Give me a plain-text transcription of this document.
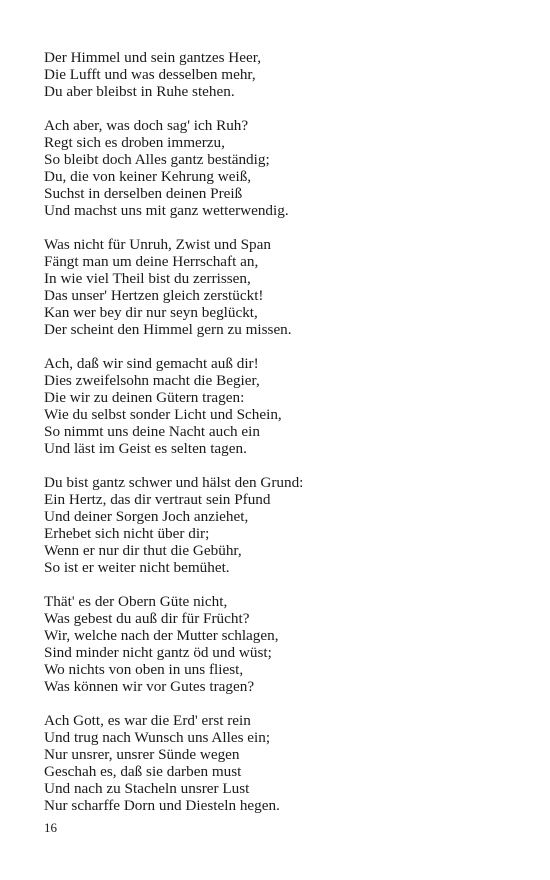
Der Himmel und sein gantzes Heer,
Die Lufft und was desselben mehr,
Du aber bleibst in Ruhe stehen.
Ach aber, was doch sag' ich Ruh?
Regt sich es droben immerzu,
So bleibt doch Alles gantz beständig;
Du, die von keiner Kehrung weiß,
Suchst in derselben deinen Preiß
Und machst uns mit ganz wetterwendig.
Was nicht für Unruh, Zwist und Span
Fängt man um deine Herrschaft an,
In wie viel Theil bist du zerrissen,
Das unser' Hertzen gleich zerstückt!
Kan wer bey dir nur seyn beglückt,
Der scheint den Himmel gern zu missen.
Ach, daß wir sind gemacht auß dir!
Dies zweifelsohn macht die Begier,
Die wir zu deinen Gütern tragen:
Wie du selbst sonder Licht und Schein,
So nimmt uns deine Nacht auch ein
Und läst im Geist es selten tagen.
Du bist gantz schwer und hälst den Grund:
Ein Hertz, das dir vertraut sein Pfund
Und deiner Sorgen Joch anziehet,
Erhebet sich nicht über dir;
Wenn er nur dir thut die Gebühr,
So ist er weiter nicht bemühet.
Thät' es der Obern Güte nicht,
Was gebest du auß dir für Frücht?
Wir, welche nach der Mutter schlagen,
Sind minder nicht gantz öd und wüst;
Wo nichts von oben in uns fliest,
Was können wir vor Gutes tragen?
Ach Gott, es war die Erd' erst rein
Und trug nach Wunsch uns Alles ein;
Nur unsrer, unsrer Sünde wegen
Geschah es, daß sie darben must
Und nach zu Stacheln unsrer Lust
Nur scharffe Dorn und Diesteln hegen.
16
